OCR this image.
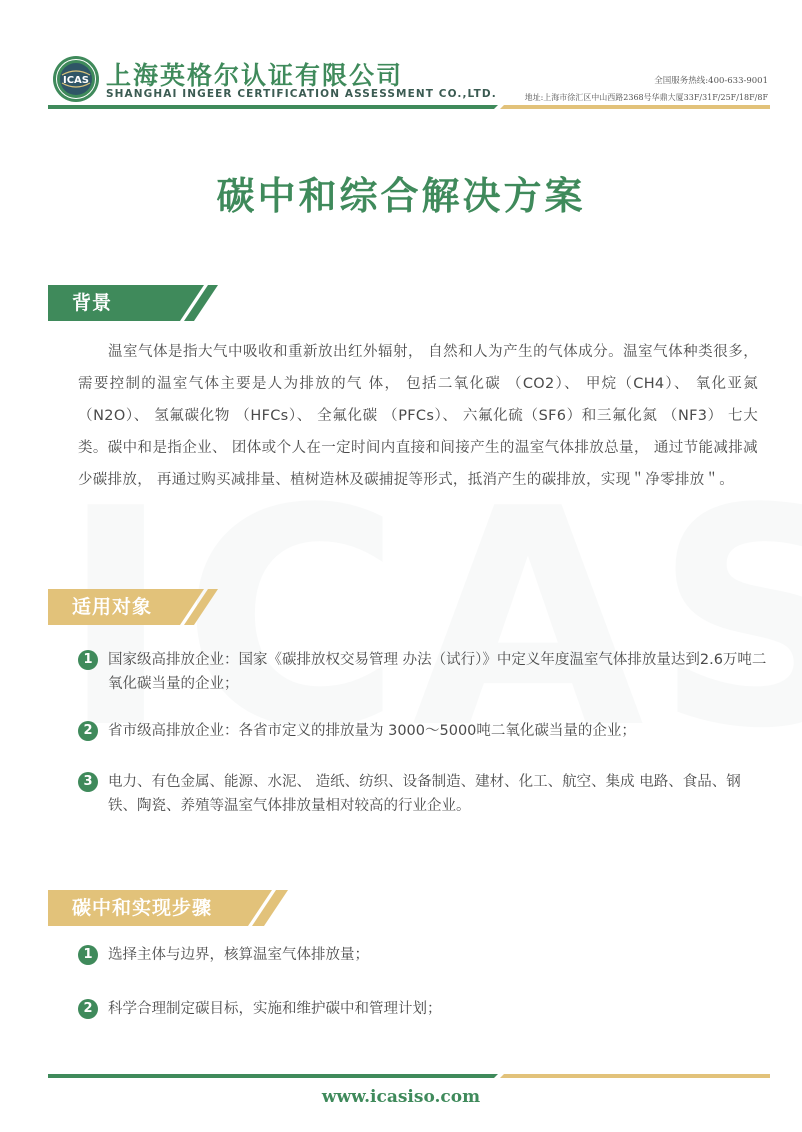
ICAS 上海英格尔认证有限公司
SHANGHAI INGEER CERTIFICATION ASSESSMENT CO.,LTD.
全国服务热线:400-633-9001
地址:上海市徐汇区中山西路2368号华鼎大厦33F/31F/25F/18F/8F
碳中和综合解决方案
背景

温室气体是指大气中吸收和重新放出红外辐射， 自然和人为产生的气体成分。温室气体种类很多， 需要控制的温室气体主要是人为排放的气 体， 包括二氧化碳 （CO2）、 甲烷（CH4）、 氧化亚氮 （N2O）、 氢氟碳化物 （HFCs）、 全氟化碳 （PFCs）、 六氟化硫（SF6）和三氟化氮 （NF3） 七大类。碳中和是指企业、 团体或个人在一定时间内直接和间接产生的温室气体排放总量， 通过节能减排减少碳排放， 再通过购买减排量、植树造林及碳捕捉等形式，抵消产生的碳排放，实现＂净零排放＂。

适用对象
1	国家级高排放企业：国家《碳排放权交易管理 办法（试行）》中定义年度温室气体排放量达到2.6万吨二氧化碳当量的企业；
2	省市级高排放企业：各省市定义的排放量为 3000～5000吨二氧化碳当量的企业；
3	电力、有色金属、能源、水泥、 造纸、纺织、设备制造、建材、化工、航空、集成 电路、食品、钢铁、陶瓷、养殖等温室气体排放量相对较高的行业企业。
碳中和实现步骤
1	选择主体与边界，核算温室气体排放量；
2	科学合理制定碳目标，实施和维护碳中和管理计划；
www.icasiso.com
